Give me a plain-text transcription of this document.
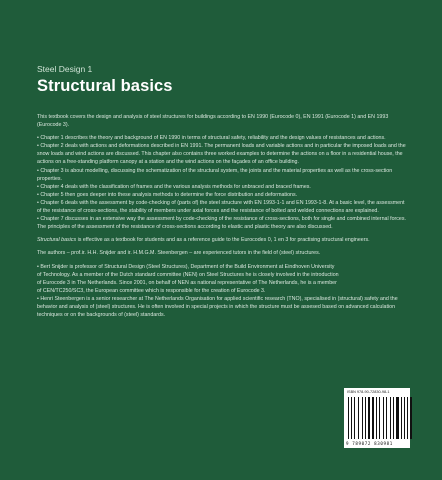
Steel Design 1
Structural basics

This textbook covers the design and analysis of steel structures for buildings according to EN 1990 (Eurocode 0), EN 1991 (Eurocode 1) and EN 1993 (Eurocode 3).

• Chapter 1 describes the theory and background of EN 1990 in terms of structural safety, reliability and the design values of resistances and actions.
• Chapter 2 deals with actions and deformations described in EN 1991. The permanent loads and variable actions and in particular the imposed loads and the snow loads and wind actions are discussed. This chapter also contains three worked examples to determine the actions on a floor in a residential house, the actions on a free-standing platform canopy at a station and the wind actions on the façades of an office building.
• Chapter 3 is about modelling, discussing the schematization of the structural system, the joints and the material properties as well as the cross-section properties.
• Chapter 4 deals with the classification of frames and the various analysis methods for unbraced and braced frames.
• Chapter 5 then goes deeper into these analysis methods to determine the force distribution and deformations.
• Chapter 6 deals with the assessment by code-checking of (parts of) the steel structure with EN 1993-1-1 and EN 1993-1-8. At a basic level, the assessment of the resistance of cross-sections, the stability of members under axial forces and the resistance of bolted and welded connections are explained.
• Chapter 7 discusses in an extensive way the assessment by code-checking of the resistance of cross-sections, both for single and combined internal forces. The principles of the assessment of the resistance of cross-sections according to elastic and plastic theory are also discussed.

Structural basics is effective as a textbook for students and as a reference guide to the Eurocodes 0, 1 en 3 for practising structural engineers.

The authors – prof.ir. H.H. Snijder and ir. H.M.G.M. Steenbergen – are experienced tutors in the field of (steel) structures.

• Bert Snijder is professor of Structural Design (Steel Structures), Department of the Build Environment at Eindhoven University of Technology. As a member of the Dutch standard committee (NEN) on Steel Structures he is closely involved in the introduction of Eurocode 3 in The Netherlands. Since 2001, on behalf of NEN as national representative of The Netherlands, he is a member of CEN/TC250/SC3, the European committee which is responsible for the creation of Eurocode 3.
• Henri Steenbergen is a senior researcher at The Netherlands Organisation for applied scientific research (TNO), specialised in (structural) safety and the behavior and analysis of (steel) structures. He is often involved in special projects in which the structure must be assesed based on advanced calculation techniques or on the backgrounds of (steel) standards.
ISBN 978-90-72830-98-1
9 789072 830981
